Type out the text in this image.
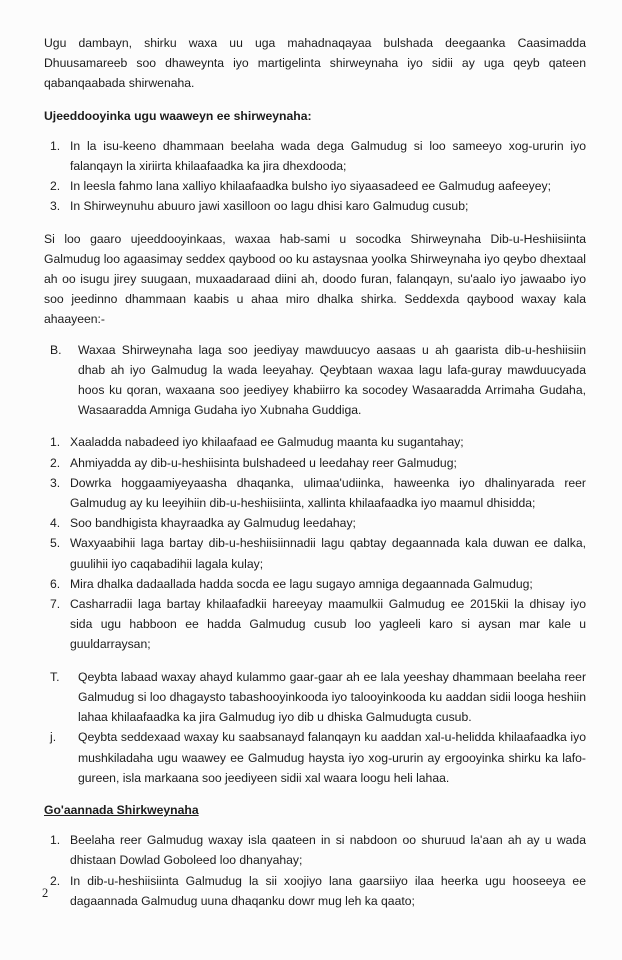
Ugu dambayn, shirku waxa uu uga mahadnaqayaa bulshada deegaanka Caasimadda Dhuusamareeb soo dhaweynta iyo martigelinta shirweynaha iyo sidii ay uga qeyb qateen qabanqaabada shirwenaha.

Ujeeddooyinka ugu waaweyn ee shirweynaha:

1. In la isu-keeno dhammaan beelaha wada dega Galmudug si loo sameeyo xog-ururin iyo falanqayn la xiriirta khilaafaadka ka jira dhexdooda;
2. In leesla fahmo lana xalliyo khilaafaadka bulsho iyo siyaasadeed ee Galmudug aafeeyey;
3. In Shirweynuhu abuuro jawi xasilloon oo lagu dhisi karo Galmudug cusub;

Si loo gaaro ujeeddooyinkaas, waxaa hab-sami u socodka Shirweynaha Dib-u-Heshiisiinta Galmudug loo agaasimay seddex qaybood oo ku astaysnaa yoolka Shirweynaha iyo qeybo dhextaal ah oo isugu jirey suugaan, muxaadaraad diini ah, doodo furan, falanqayn, su'aalo iyo jawaabo iyo soo jeedinno dhammaan kaabis u ahaa miro dhalka shirka. Seddexda qaybood waxay kala ahaayeen:-

B. Waxaa Shirweynaha laga soo jeediyay mawduucyo aasaas u ah gaarista dib-u-heshiisiin dhab ah iyo Galmudug la wada leeyahay. Qeybtaan waxaa lagu lafa-guray mawduucyada hoos ku qoran, waxaana soo jeediyey khabiirro ka socodey Wasaaradda Arrimaha Gudaha, Wasaaradda Amniga Gudaha iyo Xubnaha Guddiga.
1. Xaaladda nabadeed iyo khilaafaad ee Galmudug maanta ku sugantahay;
2. Ahmiyadda ay dib-u-heshiisinta bulshadeed u leedahay reer Galmudug;
3. Dowrka hoggaamiyeyaasha dhaqanka, ulimaa'udiinka, haweenka iyo dhalinyarada reer Galmudug ay ku leeyihiin dib-u-heshiisiinta, xallinta khilaafaadka iyo maamul dhisidda;
4. Soo bandhigista khayraadka ay Galmudug leedahay;
5. Waxyaabihii laga bartay dib-u-heshiisiinnadii lagu qabtay degaannada kala duwan ee dalka, guulihii iyo caqabadihii lagala kulay;
6. Mira dhalka dadaallada hadda socda ee lagu sugayo amniga degaannada Galmudug;
7. Casharradii laga bartay khilaafadkii hareeyay maamulkii Galmudug ee 2015kii la dhisay iyo sida ugu habboon ee hadda Galmudug cusub loo yagleeli karo si aysan mar kale u guuldarraysan;
T. Qeybta labaad waxay ahayd kulammo gaar-gaar ah ee lala yeeshay dhammaan beelaha reer Galmudug si loo dhagaysto tabashooyinkooda iyo talooyinkooda ku aaddan sidii looga heshiin lahaa khilaafaadka ka jira Galmudug iyo dib u dhiska Galmudugta cusub.
j. Qeybta seddexaad waxay ku saabsanayd falanqayn ku aaddan xal-u-helidda khilaafaadka iyo mushkiladaha ugu waawey ee Galmudug haysta iyo xog-ururin ay ergooyinka shirku ka lafo-gureen, isla markaana soo jeediyeen sidii xal waara loogu heli lahaa.

Go'aannada Shirkweynaha

1. Beelaha reer Galmudug waxay isla qaateen in si nabdoon oo shuruud la'aan ah ay u wada dhistaan Dowlad Goboleed loo dhanyahay;
2. In dib-u-heshiisiinta Galmudug la sii xoojiyo lana gaarsiiyo ilaa heerka ugu hooseeya ee dagaannada Galmudug uuna dhaqanku dowr mug leh ka qaato;
2
